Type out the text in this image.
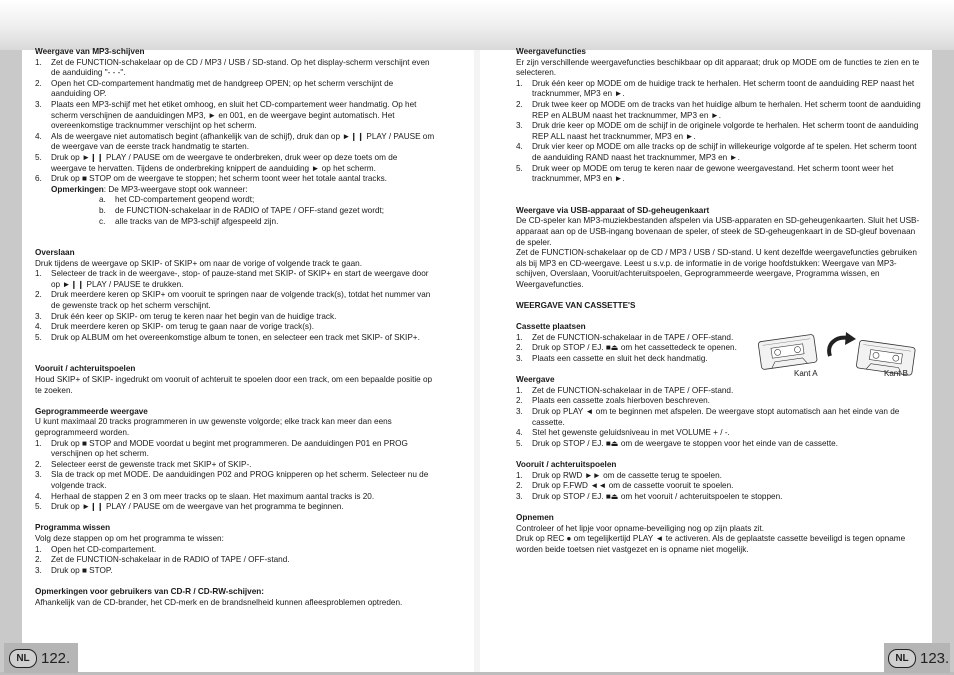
Weergave van MP3-schijven

1. Zet de FUNCTION-schakelaar op de CD / MP3 / USB / SD-stand. Op het display-scherm verschijnt even de aanduiding "- - -".
2. Open het CD-compartement handmatig met de handgreep OPEN; op het scherm verschijnt de aanduiding OP.
3. Plaats een MP3-schijf met het etiket omhoog, en sluit het CD-compartement weer handmatig. Op het scherm verschijnen de aanduidingen MP3, ► en 001, en de weergave begint automatisch. Het overeenkomstige tracknummer verschijnt op het scherm.
4. Als de weergave niet automatisch begint (afhankelijk van de schijf), druk dan op ►❙❙ PLAY / PAUSE om de weergave van de eerste track handmatig te starten.
5. Druk op ►❙❙ PLAY / PAUSE om de weergave te onderbreken, druk weer op deze toets om de weergave te hervatten. Tijdens de onderbreking knippert de aanduiding ► op het scherm.
6. Druk op ■ STOP om de weergave te stoppen; het scherm toont weer het totale aantal tracks.
Opmerkingen: De MP3-weergave stopt ook wanneer:
a. het CD-compartement geopend wordt;
b. de FUNCTION-schakelaar in de RADIO of TAPE / OFF-stand gezet wordt;
c. alle tracks van de MP3-schijf afgespeeld zijn.

Overslaan

Druk tijdens de weergave op SKIP- of SKIP+ om naar de vorige of volgende track te gaan.

1. Selecteer de track in de weergave-, stop- of pauze-stand met SKIP- of SKIP+ en start de weergave door op ►❙❙ PLAY / PAUSE te drukken.
2. Druk meerdere keren op SKIP+ om vooruit te springen naar de volgende track(s), totdat het nummer van de gewenste track op het scherm verschijnt.
3. Druk één keer op SKIP- om terug te keren naar het begin van de huidige track.
4. Druk meerdere keren op SKIP- om terug te gaan naar de vorige track(s).
5. Druk op ALBUM om het overeenkomstige album te tonen, en selecteer een track met SKIP- of SKIP+.

Vooruit / achteruitspoelen

Houd SKIP+ of SKIP- ingedrukt om vooruit of achteruit te spoelen door een track, om een bepaalde positie op te zoeken.

Geprogrammeerde weergave

U kunt maximaal 20 tracks programmeren in uw gewenste volgorde; elke track kan meer dan eens geprogrammeerd worden.

1. Druk op ■ STOP and MODE voordat u begint met programmeren. De aanduidingen P01 en PROG verschijnen op het scherm.
2. Selecteer eerst de gewenste track met SKIP+ of SKIP-.
3. Sla de track op met MODE. De aanduidingen P02 and PROG knipperen op het scherm. Selecteer nu de volgende track.
4. Herhaal de stappen 2 en 3 om meer tracks op te slaan. Het maximum aantal tracks is 20.
5. Druk op ►❙❙ PLAY / PAUSE om de weergave van het programma te beginnen.

Programma wissen

Volg deze stappen op om het programma te wissen:

1. Open het CD-compartement.
2. Zet de FUNCTION-schakelaar in de RADIO of TAPE / OFF-stand.
3. Druk op ■ STOP.

Opmerkingen voor gebruikers van CD-R / CD-RW-schijven:

Afhankelijk van de CD-brander, het CD-merk en de brandsnelheid kunnen afleesproblemen optreden.

Weergavefuncties

Er zijn verschillende weergavefuncties beschikbaar op dit apparaat; druk op MODE om de functies te zien en te selecteren.

1. Druk één keer op MODE om de huidige track te herhalen. Het scherm toont de aanduiding REP naast het tracknummer, MP3 en ►.
2. Druk twee keer op MODE om de tracks van het huidige album te herhalen. Het scherm toont de aanduiding REP en ALBUM naast het tracknummer, MP3 en ►.
3. Druk drie keer op MODE om de schijf in de originele volgorde te herhalen. Het scherm toont de aanduiding REP ALL naast het tracknummer, MP3 en ►.
4. Druk vier keer op MODE om alle tracks op de schijf in willekeurige volgorde af te spelen. Het scherm toont de aanduiding RAND naast het tracknummer, MP3 en ►.
5. Druk weer op MODE om terug te keren naar de gewone weergavestand. Het scherm toont weer het tracknummer, MP3 en ►.

Weergave via USB-apparaat of SD-geheugenkaart

De CD-speler kan MP3-muziekbestanden afspelen via USB-apparaten en SD-geheugenkaarten. Sluit het USB-apparaat aan op de USB-ingang bovenaan de speler, of steek de SD-geheugenkaart in de SD-gleuf bovenaan de speler.

Zet de FUNCTION-schakelaar op de CD / MP3 / USB / SD-stand. U kent dezelfde weergavefuncties gebruiken als bij MP3 en CD-weergave. Leest u s.v.p. de informatie in de vorige hoofdstukken: Weergave van MP3-schijven, Overslaan, Vooruit/achteruitspoelen, Geprogrammeerde weergave, Programma wissen, en Weergavefuncties.

WEERGAVE VAN CASSETTE'S

Cassette plaatsen

1. Zet de FUNCTION-schakelaar in de TAPE / OFF-stand.
2. Druk op STOP / EJ. ■⏏ om het cassettedeck te openen.
3. Plaats een cassette en sluit het deck handmatig.

Weergave

1. Zet de FUNCTION-schakelaar in de TAPE / OFF-stand.
2. Plaats een cassette zoals hierboven beschreven.
3. Druk op PLAY ◄ om te beginnen met afspelen. De weergave stopt automatisch aan het einde van de cassette.
4. Stel het gewenste geluidsniveau in met VOLUME + / -.
5. Druk op STOP / EJ. ■⏏ om de weergave te stoppen voor het einde van de cassette.

Vooruit / achteruitspoelen

1. Druk op RWD ►► om de cassette terug te spoelen.
2. Druk op F.FWD ◄◄ om de cassette vooruit te spoelen.
3. Druk op STOP / EJ. ■⏏ om het vooruit / achteruitspoelen te stoppen.

Opnemen

Controleer of het lipje voor opname-beveiliging nog op zijn plaats zit.

Druk op REC ● om tegelijkertijd PLAY ◄ te activeren. Als de geplaatste cassette beveiligd is tegen opname worden beide toetsen niet vastgezet en is opname niet mogelijk.

Kant A	Kant B
NL 122.	NL 123.
